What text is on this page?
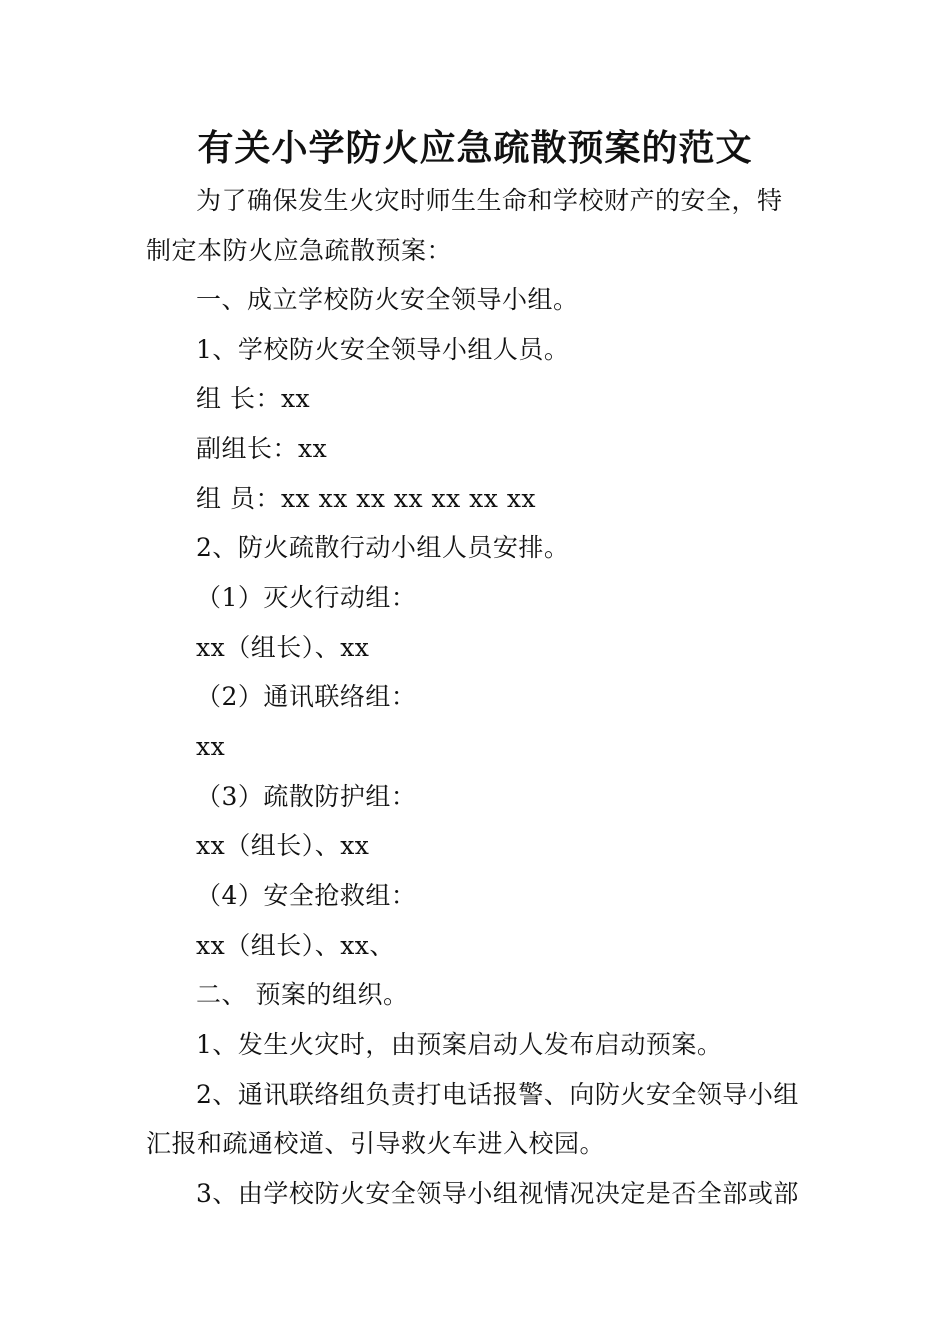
有关小学防火应急疏散预案的范文
为了确保发生火灾时师生生命和学校财产的安全，特
制定本防火应急疏散预案：
一、成立学校防火安全领导小组。
1、学校防火安全领导小组人员。
组 长：xx
副组长：xx
组 员：xx xx xx xx xx xx xx
2、防火疏散行动小组人员安排。
（1）灭火行动组：
xx（组长）、xx
（2）通讯联络组：
xx
（3）疏散防护组：
xx（组长）、xx
（4）安全抢救组：
xx（组长）、xx、
二、 预案的组织。
1、发生火灾时，由预案启动人发布启动预案。
2、通讯联络组负责打电话报警、向防火安全领导小组
汇报和疏通校道、引导救火车进入校园。
3、由学校防火安全领导小组视情况决定是否全部或部
